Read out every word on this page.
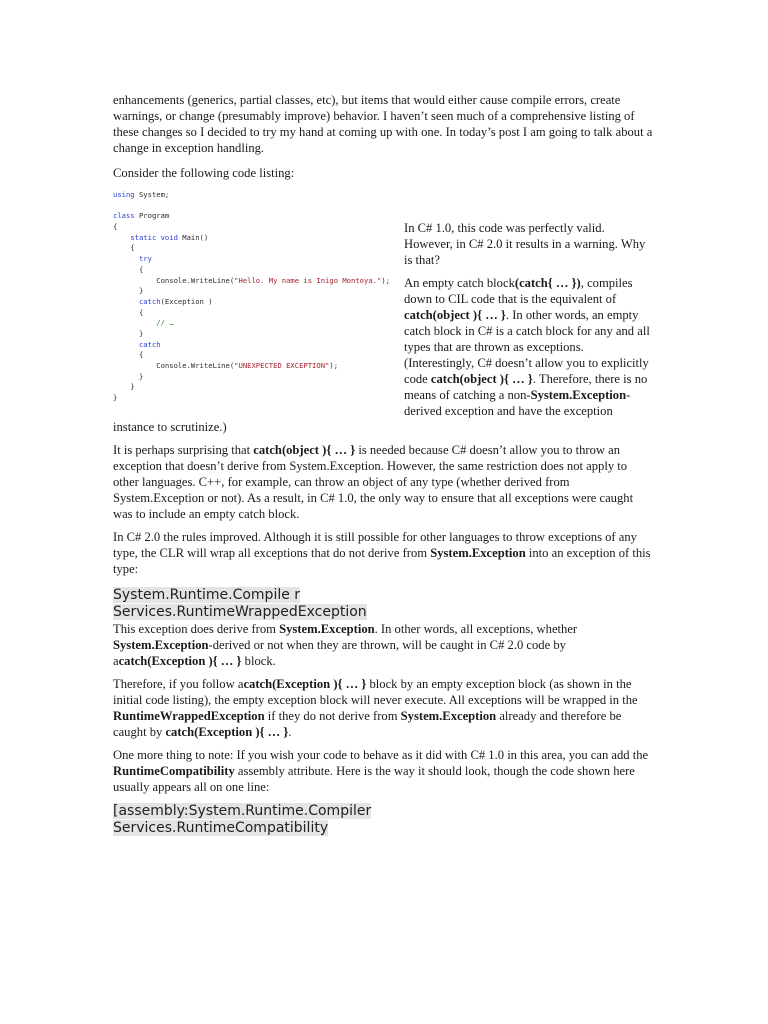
enhancements (generics, partial classes, etc), but items that would either cause compile errors, create warnings, or change (presumably improve) behavior. I haven’t seen much of a comprehensive listing of these changes so I decided to try my hand at coming up with one. In today’s post I am going to talk about a change in exception handling.

Consider the following code listing:

using System;
class Program
{
static void Main()
{
try
{
Console.WriteLine("Hello. My name is Inigo Montoya.");
}
catch(Exception )
{
// …
}
catch
{
Console.WriteLine("UNEXPECTED EXCEPTION");
}
}
}

In C# 1.0, this code was perfectly valid. However, in C# 2.0 it results in a warning. Why is that?

An empty catch block(catch{ … }), compiles down to CIL code that is the equivalent of catch(object ){ … }. In other words, an empty catch block in C# is a catch block for any and all types that are thrown as exceptions. (Interestingly, C# doesn’t allow you to explicitly code catch(object ){ … }. Therefore, there is no means of catching a non-System.Exception-derived exception and have the exception instance to scrutinize.)

It is perhaps surprising that catch(object ){ … } is needed because C# doesn’t allow you to throw an exception that doesn’t derive from System.Exception. However, the same restriction does not apply to other languages. C++, for example, can throw an object of any type (whether derived from System.Exception or not). As a result, in C# 1.0, the only way to ensure that all exceptions were caught was to include an empty catch block.

In C# 2.0 the rules improved. Although it is still possible for other languages to throw exceptions of any type, the CLR will wrap all exceptions that do not derive from System.Exception into an exception of this type:

System.Runtime.Compile r
Services.RuntimeWrappedException

This exception does derive from System.Exception. In other words, all exceptions, whether System.Exception-derived or not when they are thrown, will be caught in C# 2.0 code by acatch(Exception ){ … } block.

Therefore, if you follow acatch(Exception ){ … } block by an empty exception block (as shown in the initial code listing), the empty exception block will never execute. All exceptions will be wrapped in the RuntimeWrappedException if they do not derive from System.Exception already and therefore be caught by catch(Exception ){ … }.

One more thing to note: If you wish your code to behave as it did with C# 1.0 in this area, you can add the RuntimeCompatibility assembly attribute. Here is the way it should look, though the code shown here usually appears all on one line:

[assembly:System.Runtime.Compiler
Services.RuntimeCompatibility
